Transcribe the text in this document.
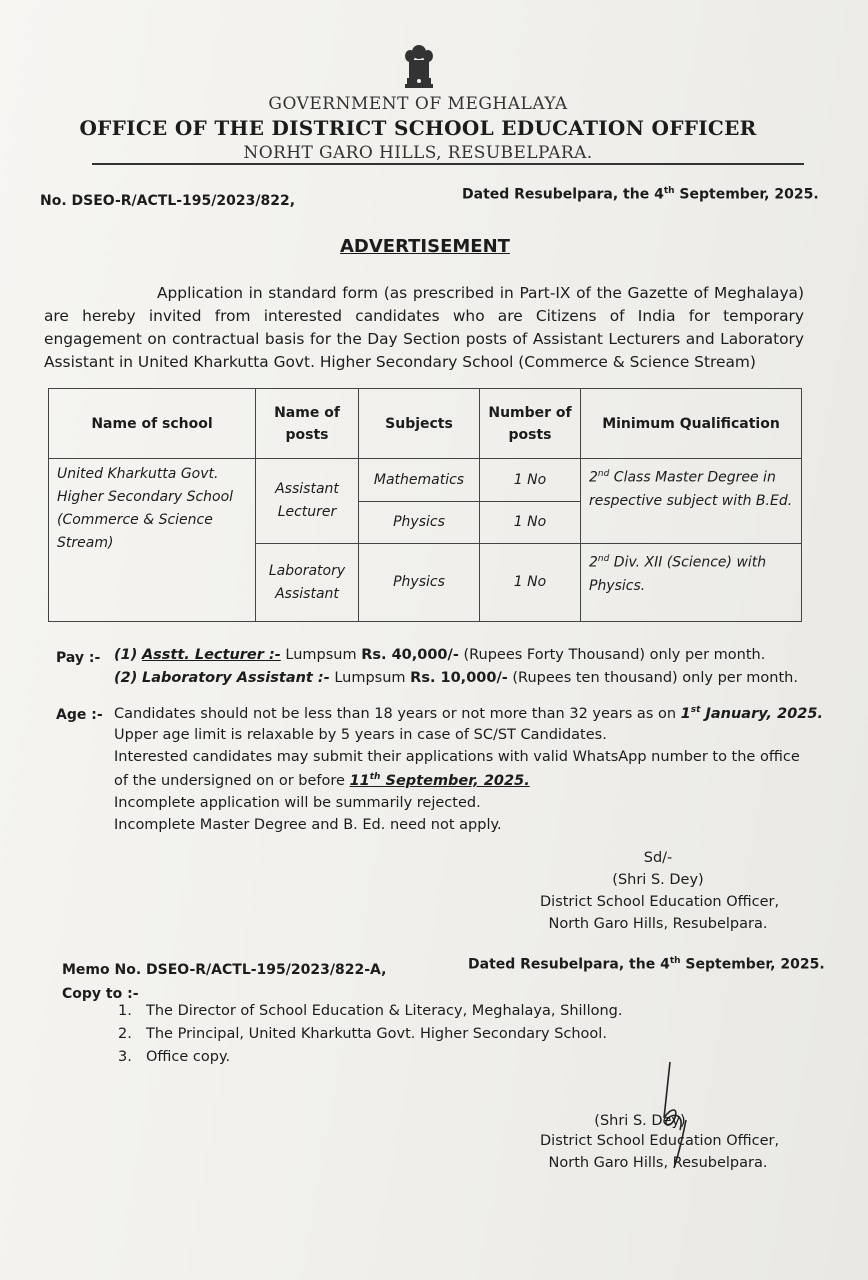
GOVERNMENT OF MEGHALAYA
OFFICE OF THE DISTRICT SCHOOL EDUCATION OFFICER
NORHT GARO HILLS, RESUBELPARA.
No. DSEO-R/ACTL-195/2023/822,	Dated Resubelpara, the 4th September, 2025.
ADVERTISEMENT
Application in standard form (as prescribed in Part-IX of the Gazette of Meghalaya) are hereby invited from interested candidates who are Citizens of India for temporary engagement on contractual basis for the Day Section posts of Assistant Lecturers and Laboratory Assistant in United Kharkutta Govt. Higher Secondary School (Commerce & Science Stream)
Name of school	Name of posts	Subjects	Number of posts	Minimum Qualification
United Kharkutta Govt. Higher Secondary School (Commerce & Science Stream)	Assistant Lecturer	Mathematics	1 No	2nd Class Master Degree in respective subject with B.Ed.
		Physics	1 No	
	Laboratory Assistant	Physics	1 No	2nd Div. XII (Science) with Physics.
Pay :- (1) Asstt. Lecturer :- Lumpsum Rs. 40,000/- (Rupees Forty Thousand) only per month.
(2) Laboratory Assistant :- Lumpsum Rs. 10,000/- (Rupees ten thousand) only per month.
Age :- Candidates should not be less than 18 years or not more than 32 years as on 1st January, 2025.
Upper age limit is relaxable by 5 years in case of SC/ST Candidates.
Interested candidates may submit their applications with valid WhatsApp number to the office
of the undersigned on or before 11th September, 2025.
Incomplete application will be summarily rejected.
Incomplete Master Degree and B. Ed. need not apply.
Sd/-
(Shri S. Dey)
District School Education Officer,
North Garo Hills, Resubelpara.
Memo No. DSEO-R/ACTL-195/2023/822-A,	Dated Resubelpara, the 4th September, 2025.
Copy to :-
1. The Director of School Education & Literacy, Meghalaya, Shillong.
2. The Principal, United Kharkutta Govt. Higher Secondary School.
3. Office copy.
(Shri S. Dey)
District School Education Officer,
North Garo Hills, Resubelpara.
